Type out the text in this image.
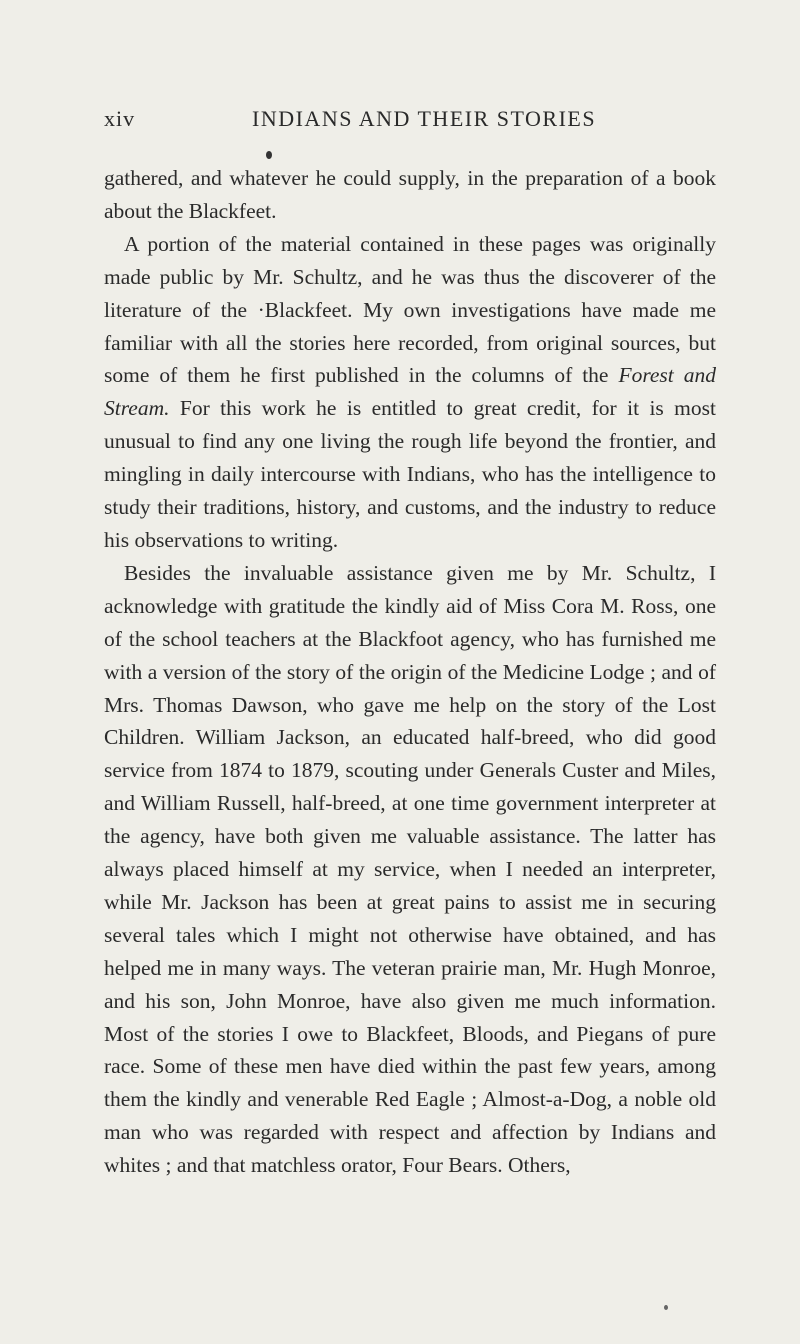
xiv	INDIANS AND THEIR STORIES

gathered, and whatever he could supply, in the preparation of a book about the Blackfeet.

A portion of the material contained in these pages was originally made public by Mr. Schultz, and he was thus the discoverer of the literature of the ·Blackfeet. My own investigations have made me familiar with all the stories here recorded, from original sources, but some of them he first published in the columns of the Forest and Stream. For this work he is entitled to great credit, for it is most unusual to find any one living the rough life beyond the frontier, and mingling in daily intercourse with Indians, who has the intelligence to study their traditions, history, and customs, and the industry to reduce his observations to writing.

Besides the invaluable assistance given me by Mr. Schultz, I acknowledge with gratitude the kindly aid of Miss Cora M. Ross, one of the school teachers at the Blackfoot agency, who has furnished me with a version of the story of the origin of the Medicine Lodge ; and of Mrs. Thomas Dawson, who gave me help on the story of the Lost Children. William Jackson, an educated half-breed, who did good service from 1874 to 1879, scouting under Generals Custer and Miles, and William Russell, half-breed, at one time government interpreter at the agency, have both given me valuable assistance. The latter has always placed himself at my service, when I needed an interpreter, while Mr. Jackson has been at great pains to assist me in securing several tales which I might not otherwise have obtained, and has helped me in many ways. The veteran prairie man, Mr. Hugh Monroe, and his son, John Monroe, have also given me much information. Most of the stories I owe to Blackfeet, Bloods, and Piegans of pure race. Some of these men have died within the past few years, among them the kindly and venerable Red Eagle ; Almost-a-Dog, a noble old man who was regarded with respect and affection by Indians and whites ; and that matchless orator, Four Bears. Others,
